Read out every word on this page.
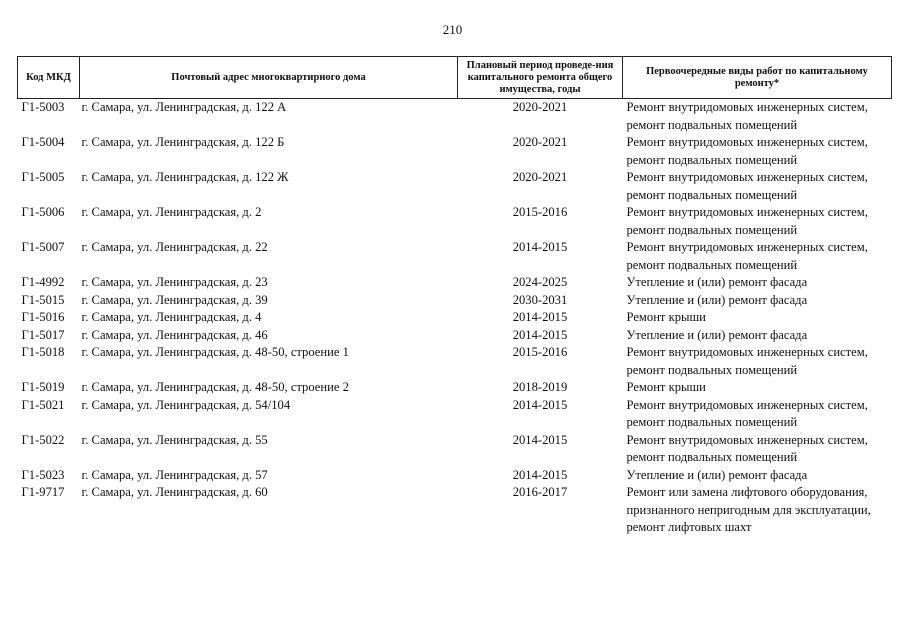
210
Код МКД	Почтовый адрес многоквартирного дома	Плановый период проведе-ния капитального ремонта общего имущества, годы	Первоочередные виды работ по капитальному ремонту*
Г1-5003	г. Самара, ул. Ленинградская, д. 122 А	2020-2021	Ремонт внутридомовых инженерных систем,
ремонт подвальных помещений

Г1-5004	г. Самара, ул. Ленинградская, д. 122 Б	2020-2021	Ремонт внутридомовых инженерных систем,
ремонт подвальных помещений

Г1-5005	г. Самара, ул. Ленинградская, д. 122 Ж	2020-2021	Ремонт внутридомовых инженерных систем,
ремонт подвальных помещений

Г1-5006	г. Самара, ул. Ленинградская, д. 2	2015-2016	Ремонт внутридомовых инженерных систем,
ремонт подвальных помещений

Г1-5007	г. Самара, ул. Ленинградская, д. 22	2014-2015	Ремонт внутридомовых инженерных систем,
ремонт подвальных помещений

Г1-4992	г. Самара, ул. Ленинградская, д. 23	2024-2025	Утепление и (или) ремонт фасада

Г1-5015	г. Самара, ул. Ленинградская, д. 39	2030-2031	Утепление и (или) ремонт фасада

Г1-5016	г. Самара, ул. Ленинградская, д. 4	2014-2015	Ремонт крыши

Г1-5017	г. Самара, ул. Ленинградская, д. 46	2014-2015	Утепление и (или) ремонт фасада

Г1-5018	г. Самара, ул. Ленинградская, д. 48-50, строение 1	2015-2016	Ремонт внутридомовых инженерных систем,
ремонт подвальных помещений

Г1-5019	г. Самара, ул. Ленинградская, д. 48-50, строение 2	2018-2019	Ремонт крыши

Г1-5021	г. Самара, ул. Ленинградская, д. 54/104	2014-2015	Ремонт внутридомовых инженерных систем,
ремонт подвальных помещений

Г1-5022	г. Самара, ул. Ленинградская, д. 55	2014-2015	Ремонт внутридомовых инженерных систем,
ремонт подвальных помещений

Г1-5023	г. Самара, ул. Ленинградская, д. 57	2014-2015	Утепление и (или) ремонт фасада

Г1-9717	г. Самара, ул. Ленинградская, д. 60	2016-2017	Ремонт или замена лифтового оборудования,
признанного непригодным для эксплуатации,
ремонт лифтовых шахт
